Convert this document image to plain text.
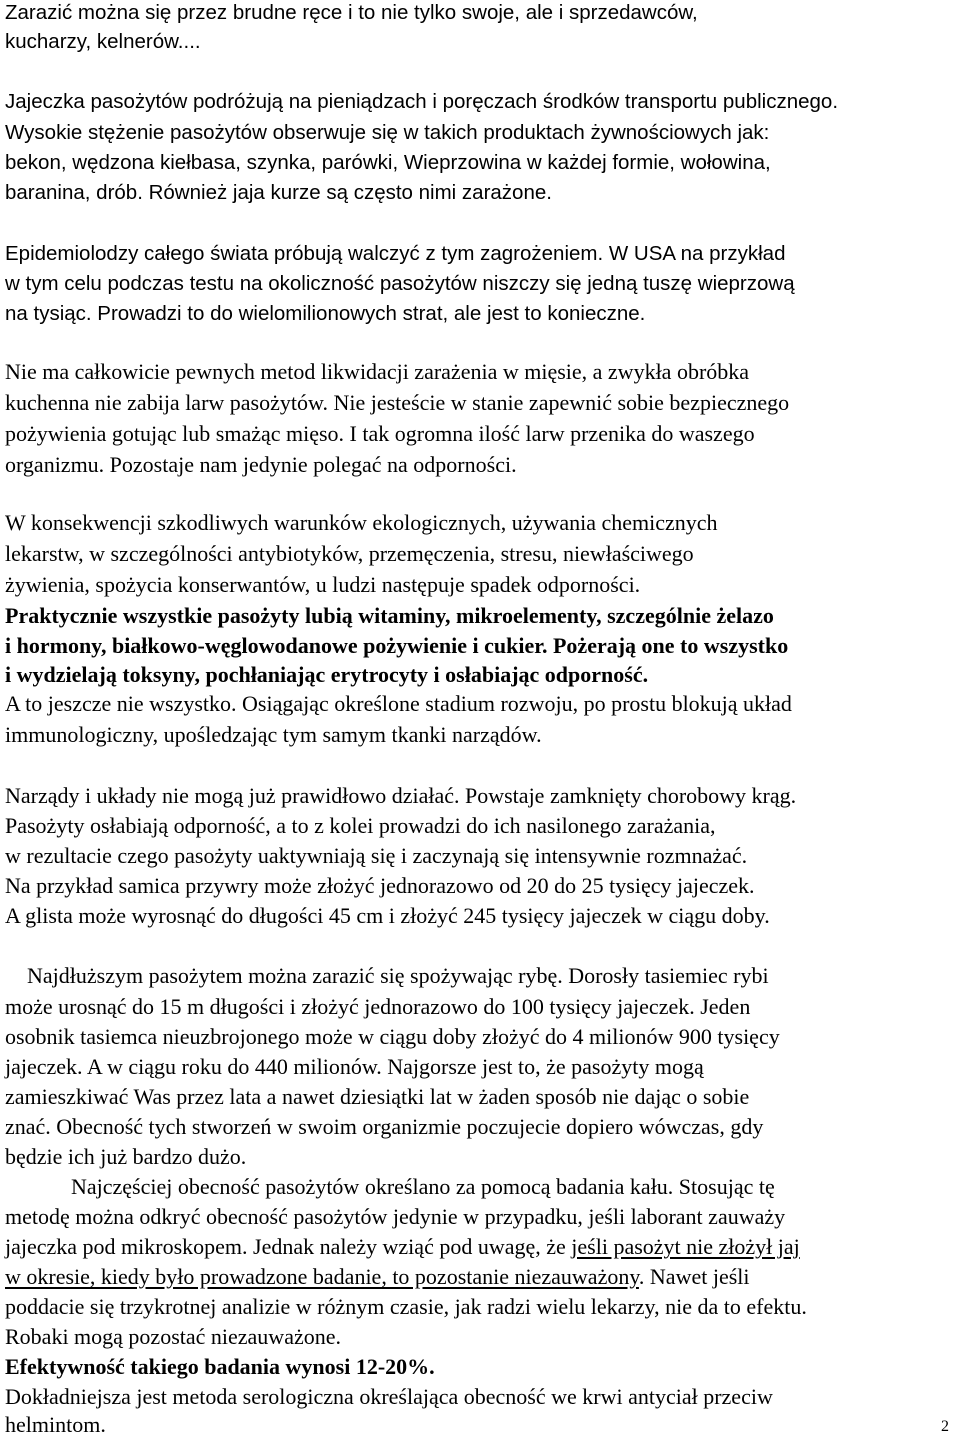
Zarazić można się przez brudne ręce i to nie tylko swoje, ale i sprzedawców,

kucharzy, kelnerów....

Jajeczka pasożytów podróżują na pieniądzach i poręczach środków transportu publicznego.

Wysokie stężenie pasożytów obserwuje się w takich produktach żywnościowych jak:

bekon, wędzona kiełbasa, szynka, parówki, Wieprzowina w każdej formie, wołowina,

baranina, drób. Również jaja kurze są często nimi zarażone.

Epidemiolodzy całego świata próbują walczyć z tym zagrożeniem. W USA na przykład

w tym celu podczas testu na okoliczność pasożytów niszczy się jedną tuszę wieprzową

na tysiąc. Prowadzi to do wielomilionowych strat, ale jest to konieczne.

Nie ma całkowicie pewnych metod likwidacji zarażenia w mięsie, a zwykła obróbka

kuchenna nie zabija larw pasożytów. Nie jesteście w stanie zapewnić sobie bezpiecznego

pożywienia gotując lub smażąc mięso. I tak ogromna ilość larw przenika do waszego

organizmu. Pozostaje nam jedynie polegać na odporności.

W konsekwencji szkodliwych warunków ekologicznych, używania chemicznych

lekarstw, w szczególności antybiotyków, przemęczenia, stresu, niewłaściwego

żywienia, spożycia konserwantów, u ludzi następuje spadek odporności.

Praktycznie wszystkie pasożyty lubią witaminy, mikroelementy, szczególnie żelazo

i hormony, białkowo-węglowodanowe pożywienie i cukier. Pożerają one to wszystko

i wydzielają toksyny, pochłaniając erytrocyty i osłabiając odporność.

A to jeszcze nie wszystko. Osiągając określone stadium rozwoju, po prostu blokują układ

immunologiczny, upośledzając tym samym tkanki narządów.

Narządy i układy nie mogą już prawidłowo działać. Powstaje zamknięty chorobowy krąg.

Pasożyty osłabiają odporność, a to z kolei prowadzi do ich nasilonego zarażania,

w rezultacie czego pasożyty uaktywniają się i zaczynają się intensywnie rozmnażać.

Na przykład samica przywry może złożyć jednorazowo od 20 do 25 tysięcy jajeczek.

A glista może wyrosnąć do długości 45 cm i złożyć 245 tysięcy jajeczek w ciągu doby.

Najdłuższym pasożytem można zarazić się spożywając rybę. Dorosły tasiemiec rybi

może urosnąć do 15 m długości i złożyć jednorazowo do 100 tysięcy jajeczek. Jeden

osobnik tasiemca nieuzbrojonego może w ciągu doby złożyć do 4 milionów 900 tysięcy

jajeczek. A w ciągu roku do 440 milionów. Najgorsze jest to, że pasożyty mogą

zamieszkiwać Was przez lata a nawet dziesiątki lat w żaden sposób nie dając o sobie

znać. Obecność tych stworzeń w swoim organizmie poczujecie dopiero wówczas, gdy

będzie ich już bardzo dużo.

Najczęściej obecność pasożytów określano za pomocą badania kału. Stosując tę

metodę można odkryć obecność pasożytów jedynie w przypadku, jeśli laborant zauważy

jajeczka pod mikroskopem. Jednak należy wziąć pod uwagę, że jeśli pasożyt nie złożył jaj

w okresie, kiedy było prowadzone badanie, to pozostanie niezauważony. Nawet jeśli

poddacie się trzykrotnej analizie w różnym czasie, jak radzi wielu lekarzy, nie da to efektu.

Robaki mogą pozostać niezauważone.

Efektywność takiego badania wynosi 12-20%.

Dokładniejsza jest metoda serologiczna określająca obecność we krwi antyciał przeciw

helmintom.	2
